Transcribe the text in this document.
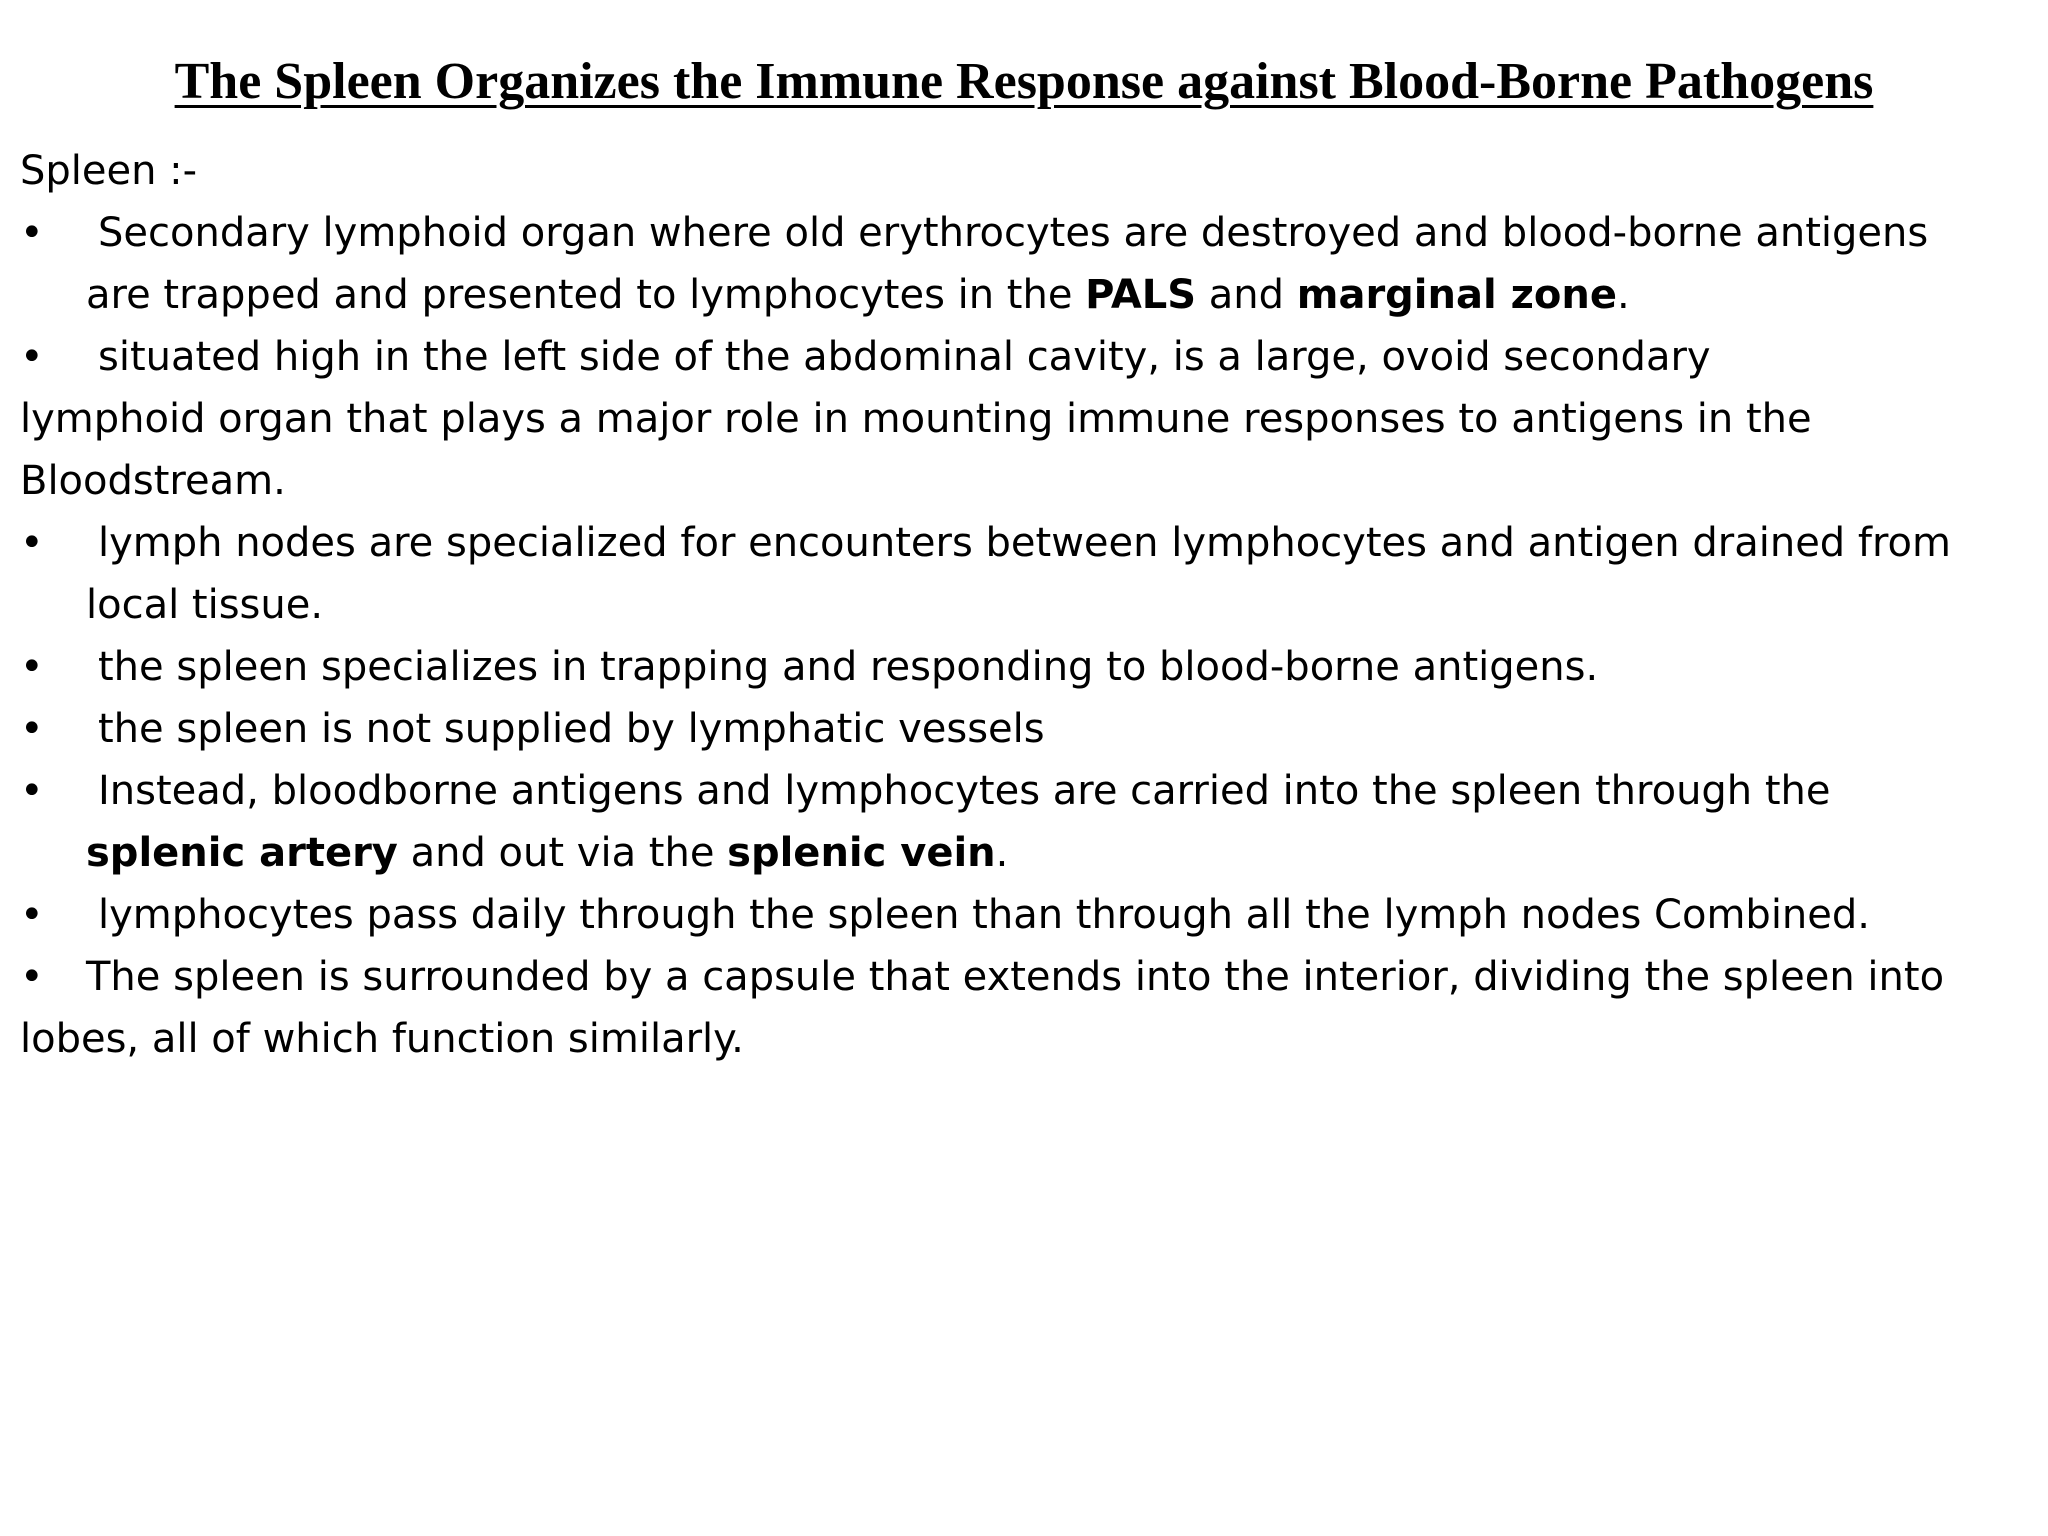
The Spleen Organizes the Immune Response against Blood-Borne Pathogens
Spleen :-
• Secondary lymphoid organ where old erythrocytes are destroyed and blood-borne antigens
are trapped and presented to lymphocytes in the PALS and marginal zone.
• situated high in the left side of the abdominal cavity, is a large, ovoid secondary
lymphoid organ that plays a major role in mounting immune responses to antigens in the
Bloodstream.
• lymph nodes are specialized for encounters between lymphocytes and antigen drained from
local tissue.
• the spleen specializes in trapping and responding to blood-borne antigens.
• the spleen is not supplied by lymphatic vessels
• Instead, bloodborne antigens and lymphocytes are carried into the spleen through the
splenic artery and out via the splenic vein.
• lymphocytes pass daily through the spleen than through all the lymph nodes Combined.
• The spleen is surrounded by a capsule that extends into the interior, dividing the spleen into
lobes, all of which function similarly.
